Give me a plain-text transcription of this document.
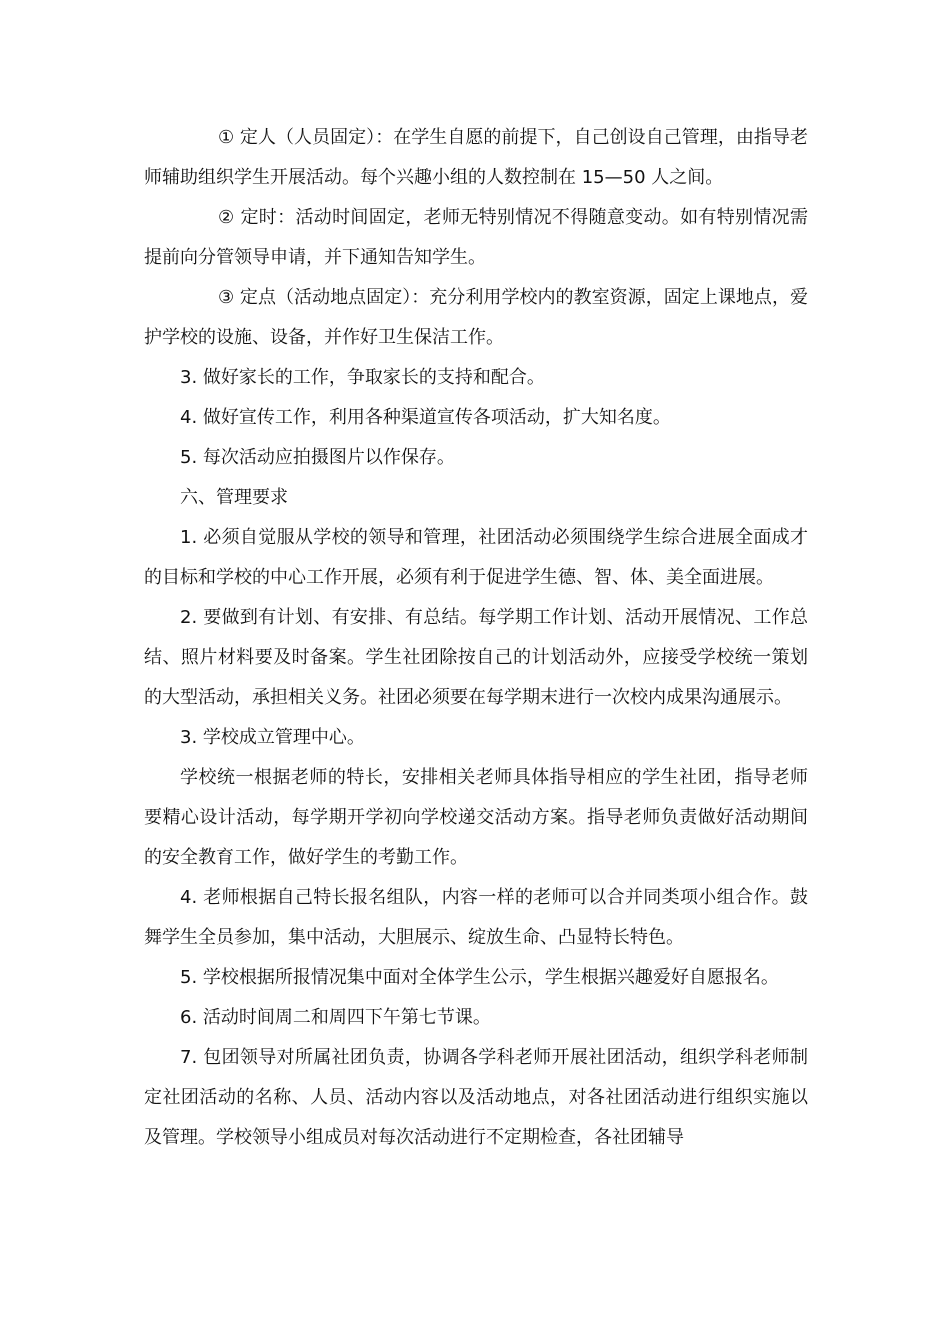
① 定人（人员固定）：在学生自愿的前提下，自己创设自己管理，由指导老师辅助组织学生开展活动。每个兴趣小组的人数控制在 15—50 人之间。

② 定时：活动时间固定，老师无特别情况不得随意变动。如有特别情况需提前向分管领导申请，并下通知告知学生。

③ 定点（活动地点固定）：充分利用学校内的教室资源，固定上课地点，爱护学校的设施、设备，并作好卫生保洁工作。

3. 做好家长的工作，争取家长的支持和配合。

4. 做好宣传工作，利用各种渠道宣传各项活动，扩大知名度。

5. 每次活动应拍摄图片以作保存。

六、管理要求

1. 必须自觉服从学校的领导和管理，社团活动必须围绕学生综合进展全面成才的目标和学校的中心工作开展，必须有利于促进学生德、智、体、美全面进展。

2. 要做到有计划、有安排、有总结。每学期工作计划、活动开展情况、工作总结、照片材料要及时备案。学生社团除按自己的计划活动外，应接受学校统一策划的大型活动，承担相关义务。社团必须要在每学期末进行一次校内成果沟通展示。

3. 学校成立管理中心。

学校统一根据老师的特长，安排相关老师具体指导相应的学生社团，指导老师要精心设计活动，每学期开学初向学校递交活动方案。指导老师负责做好活动期间的安全教育工作，做好学生的考勤工作。

4. 老师根据自己特长报名组队，内容一样的老师可以合并同类项小组合作。鼓舞学生全员参加，集中活动，大胆展示、绽放生命、凸显特长特色。

5. 学校根据所报情况集中面对全体学生公示，学生根据兴趣爱好自愿报名。

6. 活动时间周二和周四下午第七节课。

7. 包团领导对所属社团负责，协调各学科老师开展社团活动，组织学科老师制定社团活动的名称、人员、活动内容以及活动地点，对各社团活动进行组织实施以及管理。学校领导小组成员对每次活动进行不定期检查，各社团辅导
